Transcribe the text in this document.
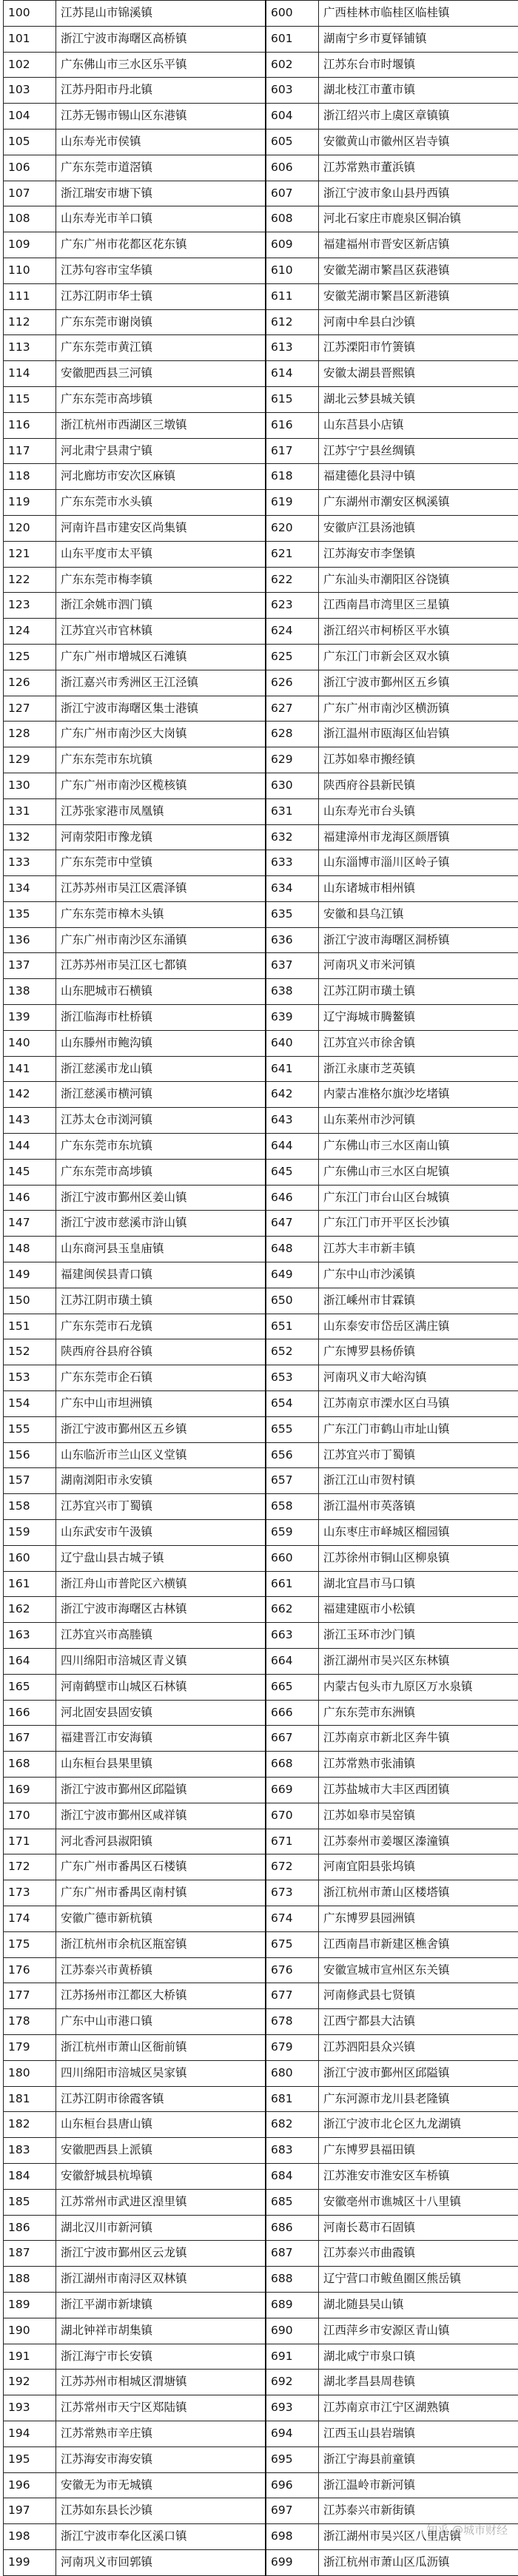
100	江苏昆山市锦溪镇	600	广西桂林市临桂区临桂镇
101	浙江宁波市海曙区高桥镇	601	湖南宁乡市夏铎铺镇
102	广东佛山市三水区乐平镇	602	江苏东台市时堰镇
103	江苏丹阳市丹北镇	603	湖北枝江市董市镇
104	江苏无锡市锡山区东港镇	604	浙江绍兴市上虞区章镇镇
105	山东寿光市侯镇	605	安徽黄山市徽州区岩寺镇
106	广东东莞市道滘镇	606	江苏常熟市董浜镇
107	浙江瑞安市塘下镇	607	浙江宁波市象山县丹西镇
108	山东寿光市羊口镇	608	河北石家庄市鹿泉区铜冶镇
109	广东广州市花都区花东镇	609	福建福州市晋安区新店镇
110	江苏句容市宝华镇	610	安徽芜湖市繁昌区荻港镇
111	江苏江阴市华士镇	611	安徽芜湖市繁昌区新港镇
112	广东东莞市谢岗镇	612	河南中牟县白沙镇
113	广东东莞市黄江镇	613	江苏溧阳市竹箦镇
114	安徽肥西县三河镇	614	安徽太湖县晋熙镇
115	广东东莞市高埗镇	615	湖北云梦县城关镇
116	浙江杭州市西湖区三墩镇	616	山东莒县小店镇
117	河北肃宁县肃宁镇	617	江苏宁宁县丝绸镇
118	河北廊坊市安次区麻镇	618	福建德化县浔中镇
119	广东东莞市水头镇	619	广东湖州市潮安区枫溪镇
120	河南许昌市建安区尚集镇	620	安徽庐江县汤池镇
121	山东平度市太平镇	621	江苏海安市李堡镇
122	广东东莞市梅李镇	622	广东汕头市潮阳区谷饶镇
123	浙江余姚市泗门镇	623	江西南昌市湾里区三星镇
124	江苏宜兴市官林镇	624	浙江绍兴市柯桥区平水镇
125	广东广州市增城区石滩镇	625	广东江门市新会区双水镇
126	浙江嘉兴市秀洲区王江泾镇	626	浙江宁波市鄞州区五乡镇
127	浙江宁波市海曙区集士港镇	627	广东广州市南沙区横沥镇
128	广东广州市南沙区大岗镇	628	浙江温州市瓯海区仙岩镇
129	广东东莞市东坑镇	629	江苏如皋市搬经镇
130	广东广州市南沙区榄核镇	630	陕西府谷县新民镇
131	江苏张家港市凤凰镇	631	山东寿光市台头镇
132	河南荥阳市豫龙镇	632	福建漳州市龙海区颜厝镇
133	广东东莞市中堂镇	633	山东淄博市淄川区岭子镇
134	江苏苏州市吴江区震泽镇	634	山东诸城市相州镇
135	广东东莞市樟木头镇	635	安徽和县乌江镇
136	广东广州市南沙区东涌镇	636	浙江宁波市海曙区洞桥镇
137	江苏苏州市吴江区七都镇	637	河南巩义市米河镇
138	山东肥城市石横镇	638	江苏江阴市璜土镇
139	浙江临海市杜桥镇	639	辽宁海城市腾鳌镇
140	山东滕州市鲍沟镇	640	江苏宜兴市徐舍镇
141	浙江慈溪市龙山镇	641	浙江永康市芝英镇
142	浙江慈溪市横河镇	642	内蒙古准格尔旗沙圪堵镇
143	江苏太仓市浏河镇	643	山东莱州市沙河镇
144	广东东莞市东坑镇	644	广东佛山市三水区南山镇
145	广东东莞市高埗镇	645	广东佛山市三水区白坭镇
146	浙江宁波市鄞州区姜山镇	646	广东江门市台山区台城镇
147	浙江宁波市慈溪市浒山镇	647	广东江门市开平区长沙镇
148	山东商河县玉皇庙镇	648	江苏大丰市新丰镇
149	福建闽侯县青口镇	649	广东中山市沙溪镇
150	江苏江阴市璜土镇	650	浙江嵊州市甘霖镇
151	广东东莞市石龙镇	651	山东泰安市岱岳区满庄镇
152	陕西府谷县府谷镇	652	广东博罗县杨侨镇
153	广东东莞市企石镇	653	河南巩义市大峪沟镇
154	广东中山市坦洲镇	654	江苏南京市溧水区白马镇
155	浙江宁波市鄞州区五乡镇	655	广东江门市鹤山市址山镇
156	山东临沂市兰山区义堂镇	656	江苏宜兴市丁蜀镇
157	湖南浏阳市永安镇	657	浙江江山市贺村镇
158	江苏宜兴市丁蜀镇	658	浙江温州市英落镇
159	山东武安市午汲镇	659	山东枣庄市峄城区榴园镇
160	辽宁盘山县古城子镇	660	江苏徐州市铜山区柳泉镇
161	浙江舟山市普陀区六横镇	661	湖北宜昌市马口镇
162	浙江宁波市海曙区古林镇	662	福建建瓯市小松镇
163	江苏宜兴市高塍镇	663	浙江玉环市沙门镇
164	四川绵阳市涪城区青义镇	664	浙江湖州市吴兴区东林镇
165	河南鹤壁市山城区石林镇	665	内蒙古包头市九原区万水泉镇
166	河北固安县固安镇	666	广东东莞市东洲镇
167	福建晋江市安海镇	667	江苏南京市新北区奔牛镇
168	山东桓台县果里镇	668	江苏常熟市张浦镇
169	浙江宁波市鄞州区邱隘镇	669	江苏盐城市大丰区西团镇
170	浙江宁波市鄞州区咸祥镇	670	江苏如皋市吴窑镇
171	河北香河县淑阳镇	671	江苏泰州市姜堰区溱潼镇
172	广东广州市番禺区石楼镇	672	河南宜阳县张坞镇
173	广东广州市番禺区南村镇	673	浙江杭州市萧山区楼塔镇
174	安徽广德市新杭镇	674	广东博罗县园洲镇
175	浙江杭州市余杭区瓶窑镇	675	江西南昌市新建区樵舍镇
176	江苏泰兴市黄桥镇	676	安徽宣城市宣州区东关镇
177	江苏扬州市江都区大桥镇	677	河南修武县七贤镇
178	广东中山市港口镇	678	江西宁都县大沽镇
179	浙江杭州市萧山区衙前镇	679	江苏泗阳县众兴镇
180	四川绵阳市涪城区吴家镇	680	浙江宁波市鄞州区邱隘镇
181	江苏江阴市徐霞客镇	681	广东河源市龙川县老隆镇
182	山东桓台县唐山镇	682	浙江宁波市北仑区九龙湖镇
183	安徽肥西县上派镇	683	广东博罗县福田镇
184	安徽舒城县杭埠镇	684	江苏淮安市淮安区车桥镇
185	江苏常州市武进区湟里镇	685	安徽亳州市谯城区十八里镇
186	湖北汉川市新河镇	686	河南长葛市石固镇
187	浙江宁波市鄞州区云龙镇	687	江苏泰兴市曲霞镇
188	浙江湖州市南浔区双林镇	688	辽宁营口市鲅鱼圈区熊岳镇
189	浙江平湖市新埭镇	689	湖北随县吴山镇
190	湖北钟祥市胡集镇	690	江西萍乡市安源区青山镇
191	浙江海宁市长安镇	691	湖北咸宁市泉口镇
192	江苏苏州市相城区渭塘镇	692	湖北孝昌县周巷镇
193	江苏常州市天宁区郑陆镇	693	江苏南京市江宁区湖熟镇
194	江苏常熟市辛庄镇	694	江西玉山县岩瑞镇
195	江苏海安市海安镇	695	浙江宁海县前童镇
196	安徽无为市无城镇	696	浙江温岭市新河镇
197	江苏如东县长沙镇	697	江苏泰兴市新街镇
198	浙江宁波市奉化区溪口镇	698	浙江湖州市吴兴区八里店镇
199	河南巩义市回郭镇	699	浙江杭州市萧山区瓜沥镇
知乎 @城市财经
